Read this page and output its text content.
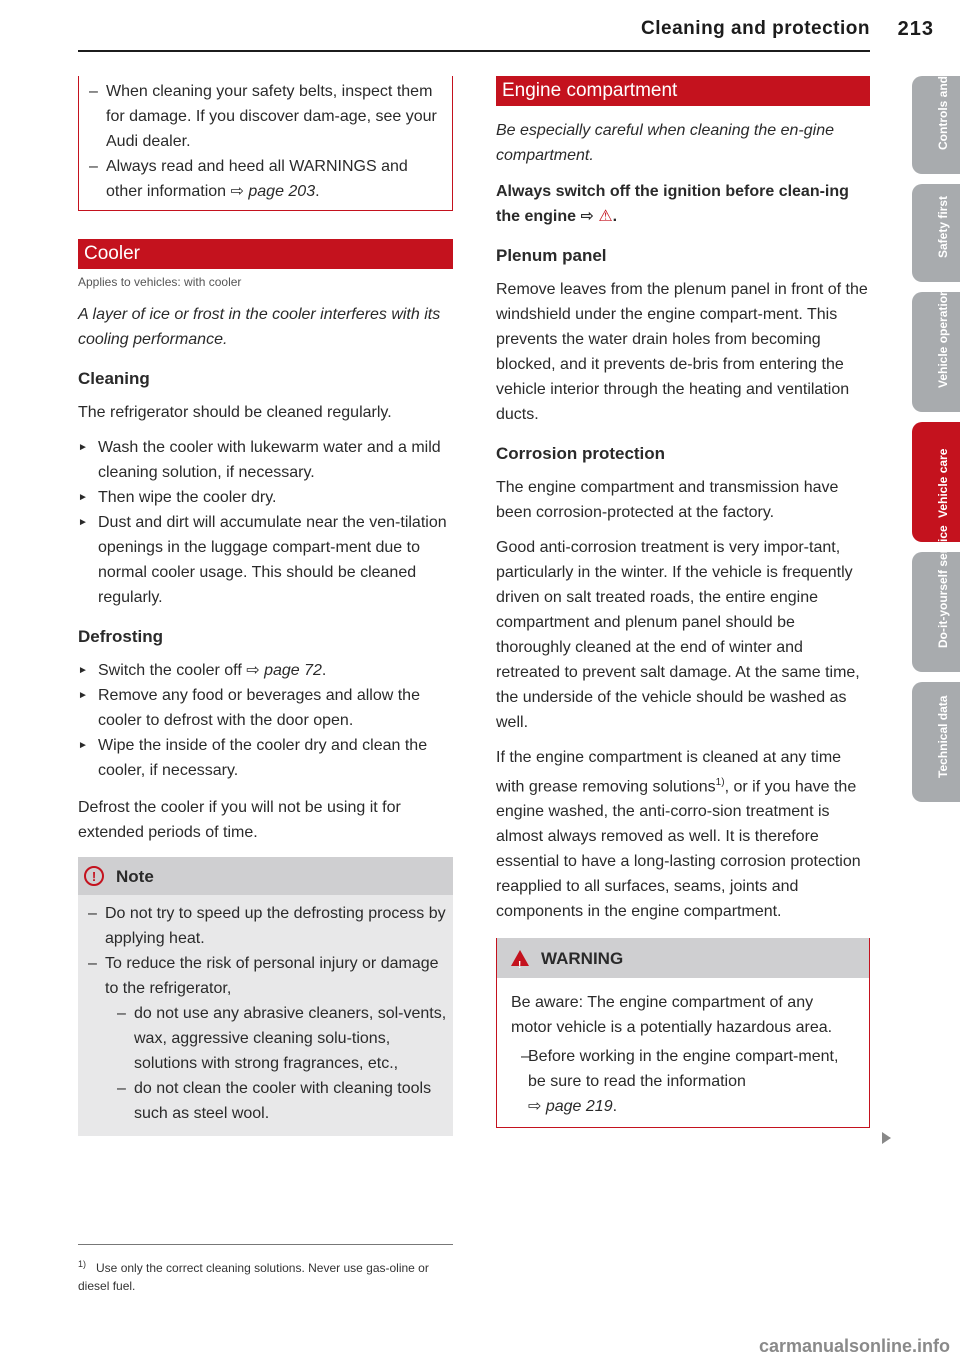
Cleaning and protection 213
– When cleaning your safety belts, inspect them for damage. If you discover dam-age, see your Audi dealer.
– Always read and heed all WARNINGS and other information ⇨ page 203.
Cooler
Applies to vehicles: with cooler

A layer of ice or frost in the cooler interferes with its cooling performance.

Cleaning

The refrigerator should be cleaned regularly.

► Wash the cooler with lukewarm water and a mild cleaning solution, if necessary.
► Then wipe the cooler dry.
► Dust and dirt will accumulate near the ven-tilation openings in the luggage compart-ment due to normal cooler usage. This should be cleaned regularly.
Defrosting
► Switch the cooler off ⇨ page 72.
► Remove any food or beverages and allow the cooler to defrost with the door open.
► Wipe the inside of the cooler dry and clean the cooler, if necessary.

Defrost the cooler if you will not be using it for extended periods of time.

!	Note
– Do not try to speed up the defrosting process by applying heat.
– To reduce the risk of personal injury or damage to the refrigerator,
– do not use any abrasive cleaners, sol-vents, wax, aggressive cleaning solu-tions, solutions with strong fragrances, etc.,
– do not clean the cooler with cleaning tools such as steel wool.
$^{1)}$ Use only the correct cleaning solutions. Never use gas-oline or diesel fuel.
Engine compartment

Be especially careful when cleaning the en-gine compartment.

Always switch off the ignition before clean-ing the engine ⇨ ⚠.

Plenum panel

Remove leaves from the plenum panel in front of the windshield under the engine compart-ment. This prevents the water drain holes from becoming blocked, and it prevents de-bris from entering the vehicle interior through the heating and ventilation ducts.

Corrosion protection

The engine compartment and transmission have been corrosion-protected at the factory.

Good anti-corrosion treatment is very impor-tant, particularly in the winter. If the vehicle is frequently driven on salt treated roads, the entire engine compartment and plenum panel should be thoroughly cleaned at the end of winter and retreated to prevent salt damage. At the same time, the underside of the vehicle should be washed as well.

If the engine compartment is cleaned at any time with grease removing solutions$^{1)}$, or if you have the engine washed, the anti-corro-sion treatment is almost always removed as well. It is therefore essential to have a long-lasting corrosion protection reapplied to all surfaces, seams, joints and components in the engine compartment.

!
WARNING

Be aware: The engine compartment of any motor vehicle is a potentially hazardous area.

– Before working in the engine compart-ment, be sure to read the information
⇨ page 219.
Controls and equip-ment
Safety first
Vehicle operation
Vehicle care
Do-it-yourself service
Technical data
carmanualsonline.info
